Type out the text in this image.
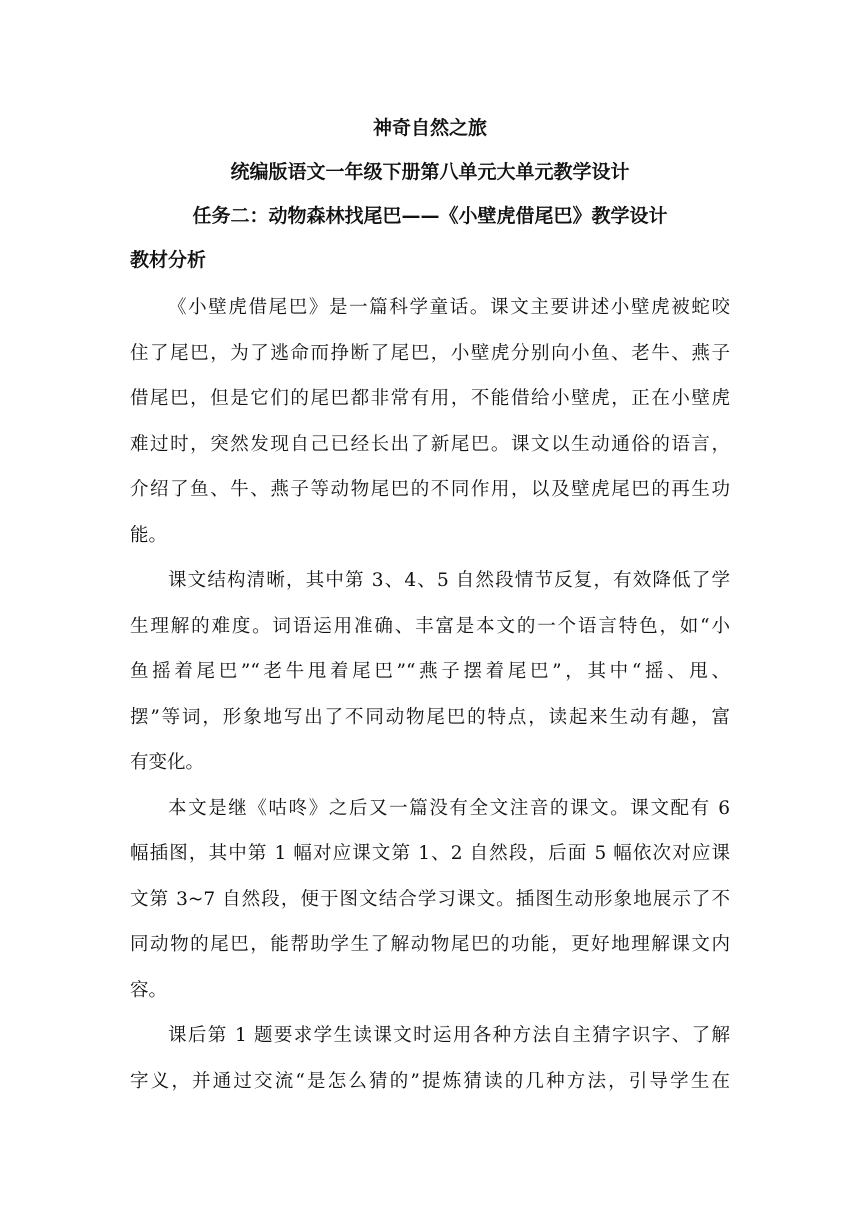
神奇自然之旅
统编版语文一年级下册第八单元大单元教学设计
任务二：动物森林找尾巴——《小壁虎借尾巴》教学设计
教材分析
《小壁虎借尾巴》是一篇科学童话。课文主要讲述小壁虎被蛇咬
住了尾巴，为了逃命而挣断了尾巴，小壁虎分别向小鱼、老牛、燕子
借尾巴，但是它们的尾巴都非常有用，不能借给小壁虎，正在小壁虎
难过时，突然发现自己已经长出了新尾巴。课文以生动通俗的语言，
介绍了鱼、牛、燕子等动物尾巴的不同作用，以及壁虎尾巴的再生功
能。
课文结构清晰，其中第 3、4、5 自然段情节反复，有效降低了学
生理解的难度。词语运用准确、丰富是本文的一个语言特色，如“小
鱼摇着尾巴”“老牛甩着尾巴”“燕子摆着尾巴”，其中“摇、甩、
摆”等词，形象地写出了不同动物尾巴的特点，读起来生动有趣，富
有变化。
本文是继《咕咚》之后又一篇没有全文注音的课文。课文配有 6
幅插图，其中第 1 幅对应课文第 1、2 自然段，后面 5 幅依次对应课
文第 3~7 自然段，便于图文结合学习课文。插图生动形象地展示了不
同动物的尾巴，能帮助学生了解动物尾巴的功能，更好地理解课文内
容。
课后第 1 题要求学生读课文时运用各种方法自主猜字识字、了解
字义，并通过交流“是怎么猜的”提炼猜读的几种方法，引导学生在
